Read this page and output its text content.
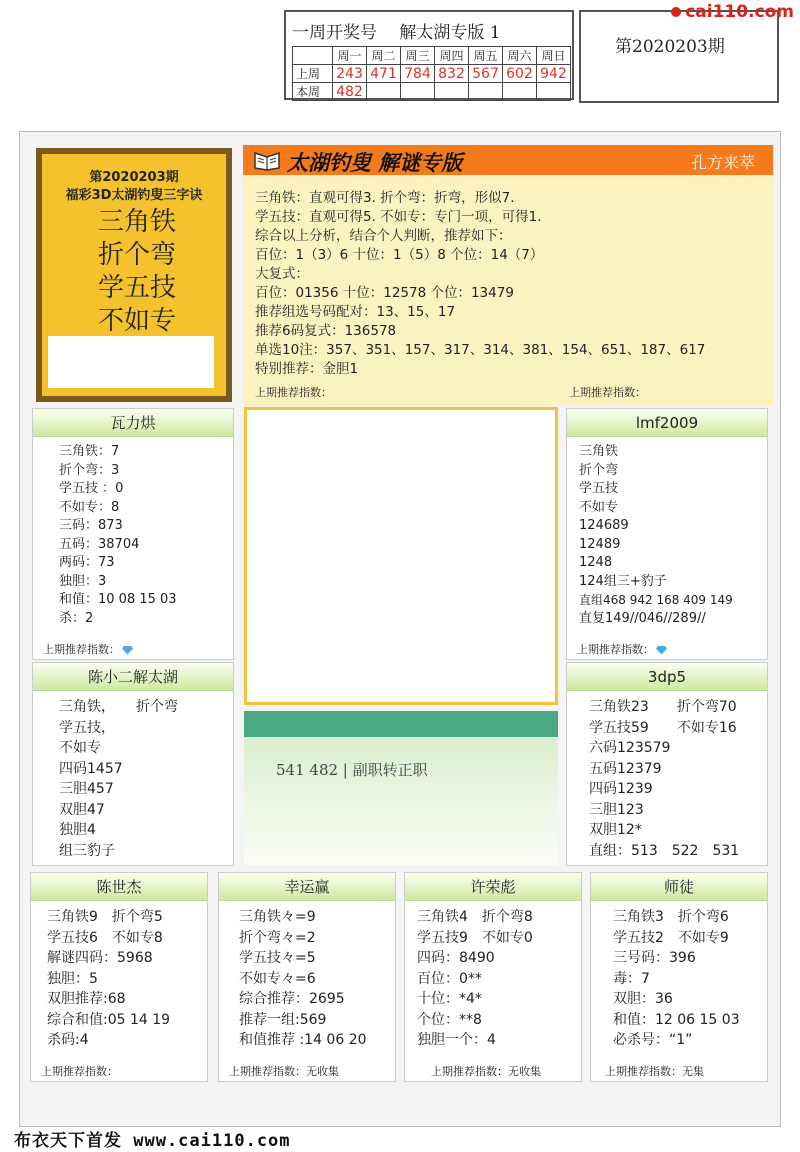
一周开奖号　 解太湖专版 1
	周一	周二	周三	周四	周五	周六	周日
上周	243	471	784	832	567	602	942
本周	482						
第2020203期
cai110.com
第2020203期
福彩3D太湖钓叟三字诀
三角铁
折个弯
学五技
不如专
太湖钓叟 解谜专版	孔方来萃
三角铁：直观可得3. 折个弯：折弯，形似7.
学五技：直观可得5. 不如专：专门一项，可得1.
综合以上分析，结合个人判断，推荐如下：
百位：1（3）6 十位：1（5）8 个位：14（7）
大复式：
百位：01356 十位：12578 个位：13479
推荐组选号码配对：13、15、17
推荐6码复式：136578
单选10注：357、351、157、317、314、381、154、651、187、617
特别推荐：金胆1
上期推荐指数：	上期推荐指数：
瓦力烘
三角铁：7
折个弯：3
学五技 ：0
不如专：8
三码：873
五码：38704
两码：73
独胆：3
和值：10 08 15 03
杀：2
上期推荐指数：
陈小二解太湖
三角铁，　　折个弯
学五技，
不如专
四码1457
三胆457
双胆47
独胆4
组三豹子
541 482 | 副职转正职
lmf2009
三角铁
折个弯
学五技
不如专
124689
12489
1248
124组三+豹子
直组468 942 168 409 149
直复149//046//289//
上期推荐指数：
3dp5
三角铁23　　折个弯70
学五技59　　不如专16
六码123579
五码12379
四码1239
三胆123
双胆12*
直组：513　522　531
陈世杰
三角铁9　折个弯5
学五技6　不如专8
解谜四码：5968
独胆：5
双胆推荐:68
综合和值:05 14 19
杀码:4
上期推荐指数：
幸运赢
三角铁々=9
折个弯々=2
学五技々=5
不如专々=6
综合推荐：2695
推荐一组:569
和值推荐 :14 06 20
上期推荐指数：无收集
许荣彪
三角铁4　折个弯8
学五技9　不如专0
四码：8490
百位：0**
十位：*4*
个位：**8
独胆一个：4
上期推荐指数：无收集
师徒
三角铁3　折个弯6
学五技2　不如专9
三号码：396
毒：7
双胆：36
和值：12 06 15 03
必杀号：“1”
上期推荐指数：无集
布衣天下首发 www.cai110.com
